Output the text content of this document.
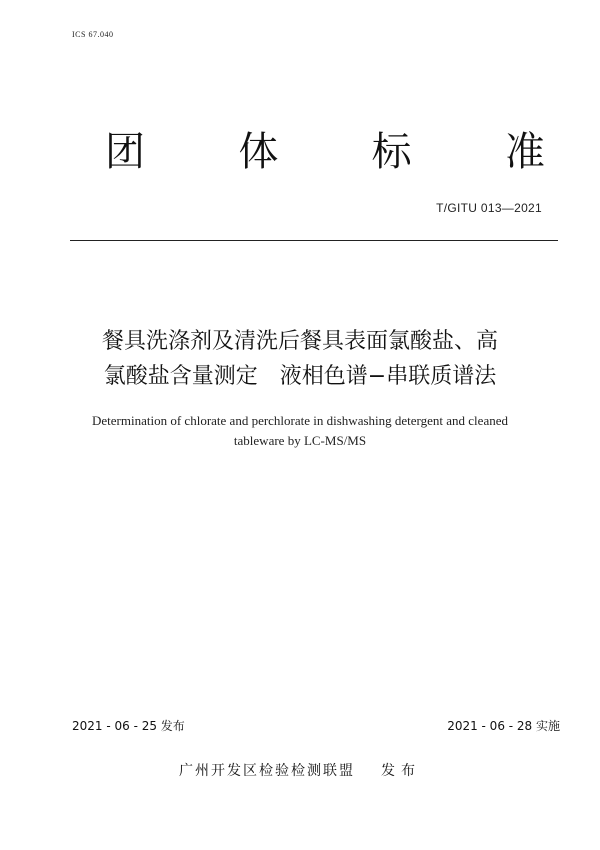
ICS 67.040
团 体 标 准
T/GITU 013—2021
餐具洗涤剂及清洗后餐具表面氯酸盐、高
氯酸盐含量测定　液相色谱−串联质谱法
Determination of chlorate and perchlorate in dishwashing detergent and cleaned
tableware by LC-MS/MS
2021 - 06 - 25 发布	2021 - 06 - 28 实施
广州开发区检验检测联盟 发布
